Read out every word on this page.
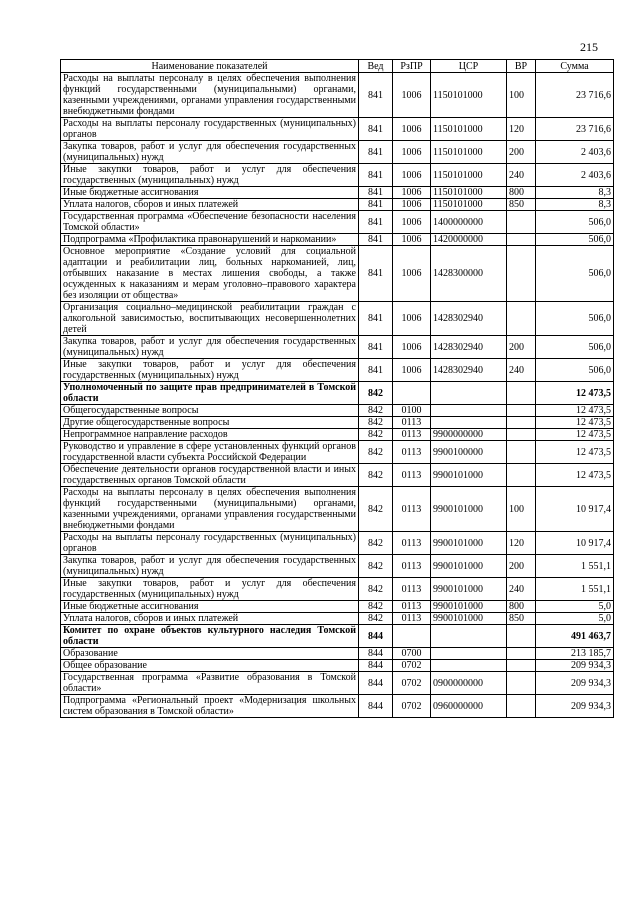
215
Наименование показателей	Вед	РзПР	ЦСР	ВР	Сумма
Расходы на выплаты персоналу в целях обеспечения выполнения функций государственными (муниципальными) органами, казенными учреждениями, органами управления государственными внебюджетными фондами	841	1006	1150101000	100	23 716,6
Расходы на выплаты персоналу государственных (муниципальных) органов	841	1006	1150101000	120	23 716,6
Закупка товаров, работ и услуг для обеспечения государственных (муниципальных) нужд	841	1006	1150101000	200	2 403,6
Иные закупки товаров, работ и услуг для обеспечения государственных (муниципальных) нужд	841	1006	1150101000	240	2 403,6
Иные бюджетные ассигнования	841	1006	1150101000	800	8,3
Уплата налогов, сборов и иных платежей	841	1006	1150101000	850	8,3
Государственная программа «Обеспечение безопасности населения Томской области»	841	1006	1400000000		506,0
Подпрограмма «Профилактика правонарушений и наркомании»	841	1006	1420000000		506,0
Основное мероприятие «Создание условий для социальной адаптации и реабилитации лиц, больных наркоманией, лиц, отбывших наказание в местах лишения свободы, а также осужденных к наказаниям и мерам уголовно–правового характера без изоляции от общества»	841	1006	1428300000		506,0
Организация социально–медицинской реабилитации граждан с алкогольной зависимостью, воспитывающих несовершеннолетних детей	841	1006	1428302940		506,0
Закупка товаров, работ и услуг для обеспечения государственных (муниципальных) нужд	841	1006	1428302940	200	506,0
Иные закупки товаров, работ и услуг для обеспечения государственных (муниципальных) нужд	841	1006	1428302940	240	506,0
Уполномоченный по защите прав предпринимателей в Томской области	842				12 473,5
Общегосударственные вопросы	842	0100			12 473,5
Другие общегосударственные вопросы	842	0113			12 473,5
Непрограммное направление расходов	842	0113	9900000000		12 473,5
Руководство и управление в сфере установленных функций органов государственной власти субъекта Российской Федерации	842	0113	9900100000		12 473,5
Обеспечение деятельности органов государственной власти и иных государственных органов Томской области	842	0113	9900101000		12 473,5
Расходы на выплаты персоналу в целях обеспечения выполнения функций государственными (муниципальными) органами, казенными учреждениями, органами управления государственными внебюджетными фондами	842	0113	9900101000	100	10 917,4
Расходы на выплаты персоналу государственных (муниципальных) органов	842	0113	9900101000	120	10 917,4
Закупка товаров, работ и услуг для обеспечения государственных (муниципальных) нужд	842	0113	9900101000	200	1 551,1
Иные закупки товаров, работ и услуг для обеспечения государственных (муниципальных) нужд	842	0113	9900101000	240	1 551,1
Иные бюджетные ассигнования	842	0113	9900101000	800	5,0
Уплата налогов, сборов и иных платежей	842	0113	9900101000	850	5,0
Комитет по охране объектов культурного наследия Томской области	844				491 463,7
Образование	844	0700			213 185,7
Общее образование	844	0702			209 934,3
Государственная программа «Развитие образования в Томской области»	844	0702	0900000000		209 934,3
Подпрограмма «Региональный проект «Модернизация школьных систем образования в Томской области»	844	0702	0960000000		209 934,3
